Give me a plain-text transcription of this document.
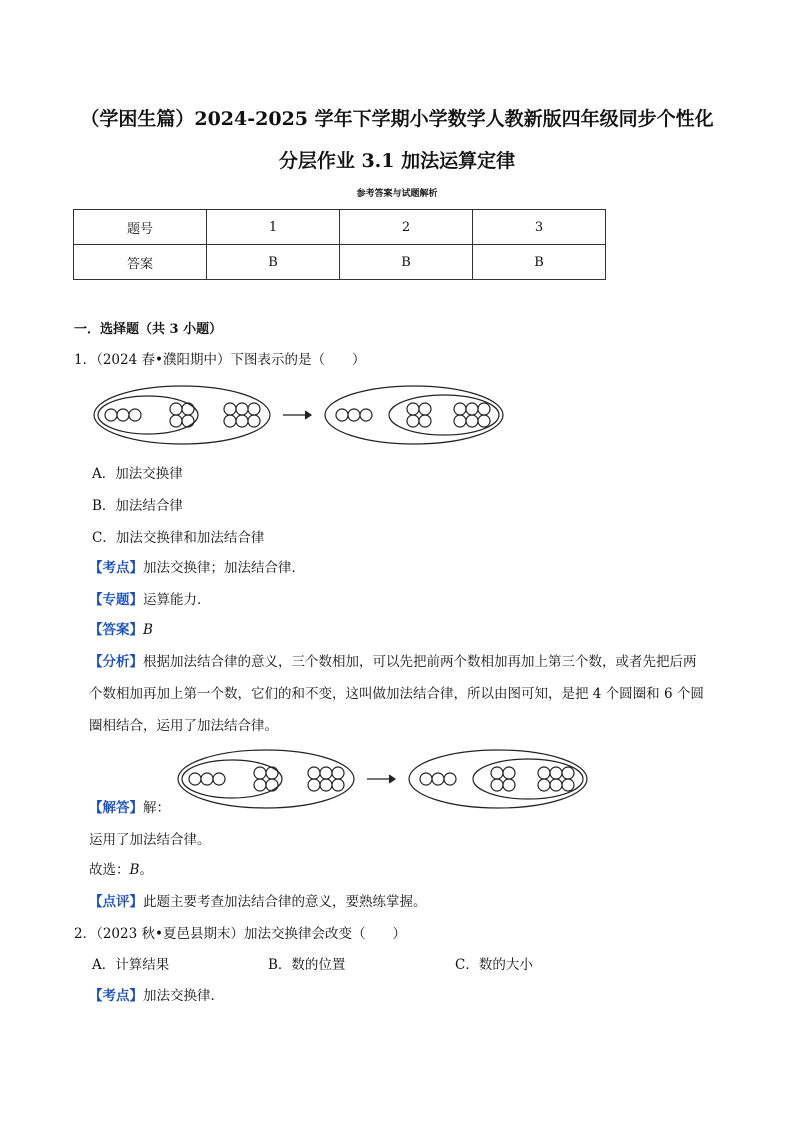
（学困生篇）2024-2025 学年下学期小学数学人教新版四年级同步个性化
分层作业 3.1 加法运算定律
参考答案与试题解析
题号	1	2	3
答案	B	B	B
一．选择题（共 3 小题）
1．（2024 春•濮阳期中）下图表示的是（　　）
A．加法交换律
B．加法结合律
C．加法交换律和加法结合律
【考点】加法交换律；加法结合律．
【专题】运算能力．
【答案】B
【分析】根据加法结合律的意义，三个数相加，可以先把前两个数相加再加上第三个数，或者先把后两
个数相加再加上第一个数，它们的和不变，这叫做加法结合律，所以由图可知，是把 4 个圆圈和 6 个圆
圈相结合，运用了加法结合律。
【解答】解：
运用了加法结合律。
故选：B。
【点评】此题主要考查加法结合律的意义，要熟练掌握。
2．（2023 秋•夏邑县期末）加法交换律会改变（　　）
A．计算结果	B．数的位置	C．数的大小
【考点】加法交换律．
